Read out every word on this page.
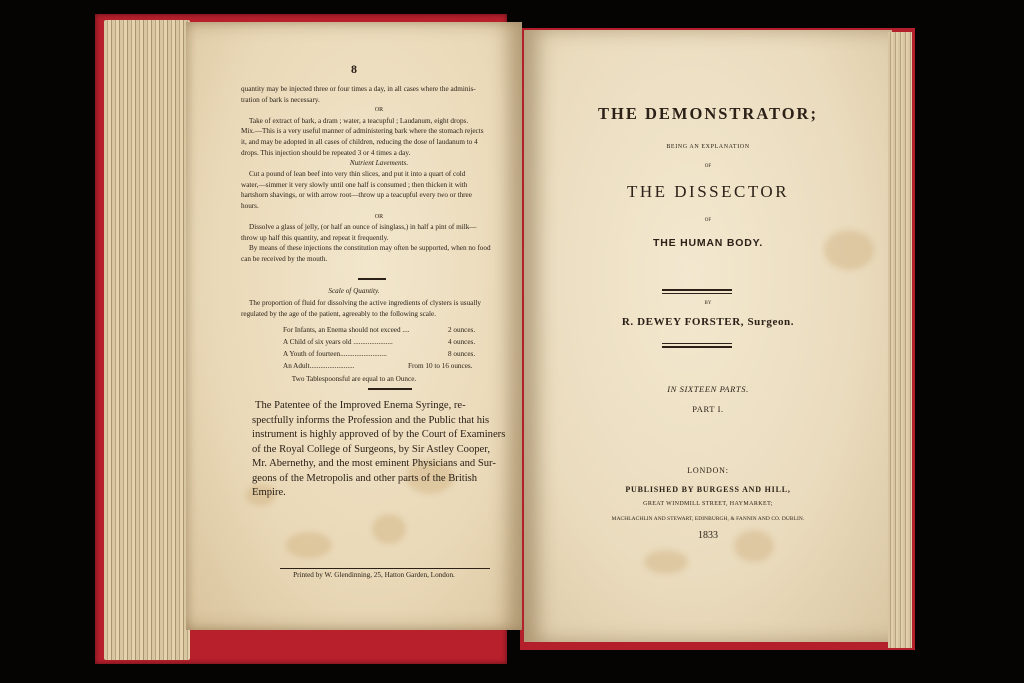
8

quantity may be injected three or four times a day, in all cases where the adminis-

tration of bark is necessary.

OR

Take of extract of bark, a dram ; water, a teacupful ; Laudanum, eight drops.

Mix.—This is a very useful manner of administering bark where the stomach rejects

it, and may be adopted in all cases of children, reducing the dose of laudanum to 4

drops. This injection should be repeated 3 or 4 times a day.

Nutrient Lavements.

Cut a pound of lean beef into very thin slices, and put it into a quart of cold

water,—simmer it very slowly until one half is consumed ; then thicken it with

hartshorn shavings, or with arrow root—throw up a teacupful every two or three

hours.

OR

Dissolve a glass of jelly, (or half an ounce of isinglass,) in half a pint of milk—

throw up half this quantity, and repeat it frequently.

By means of these injections the constitution may often be supported, when no food

can be received by the mouth.

Scale of Quantity.

The proportion of fluid for dissolving the active ingredients of clysters is usually

regulated by the age of the patient, agreeably to the following scale.

For Infants, an Enema should not exceed ....	2 ounces.

A Child of six years old ......................	4 ounces.

A Youth of fourteen..........................	8 ounces.

An Adult.........................	From 10 to 16 ounces.

Two Tablespoonsful are equal to an Ounce.

The Patentee of the Improved Enema Syringe, re-

spectfully informs the Profession and the Public that his

instrument is highly approved of by the Court of Examiners

of the Royal College of Surgeons, by Sir Astley Cooper,

Mr. Abernethy, and the most eminent Physicians and Sur-

geons of the Metropolis and other parts of the British

Empire.

Printed by W. Glendinning, 25, Hatton Garden, London.

THE DEMONSTRATOR;

BEING AN EXPLANATION

OF

THE DISSECTOR

OF

THE HUMAN BODY.

BY

R. DEWEY FORSTER, Surgeon.

IN SIXTEEN PARTS.

PART I.

LONDON:

PUBLISHED BY BURGESS AND HILL,

GREAT WINDMILL STREET, HAYMARKET;

MACHLACHLIN AND STEWART, EDINBURGH, & FANNIN AND CO. DUBLIN.

1833
